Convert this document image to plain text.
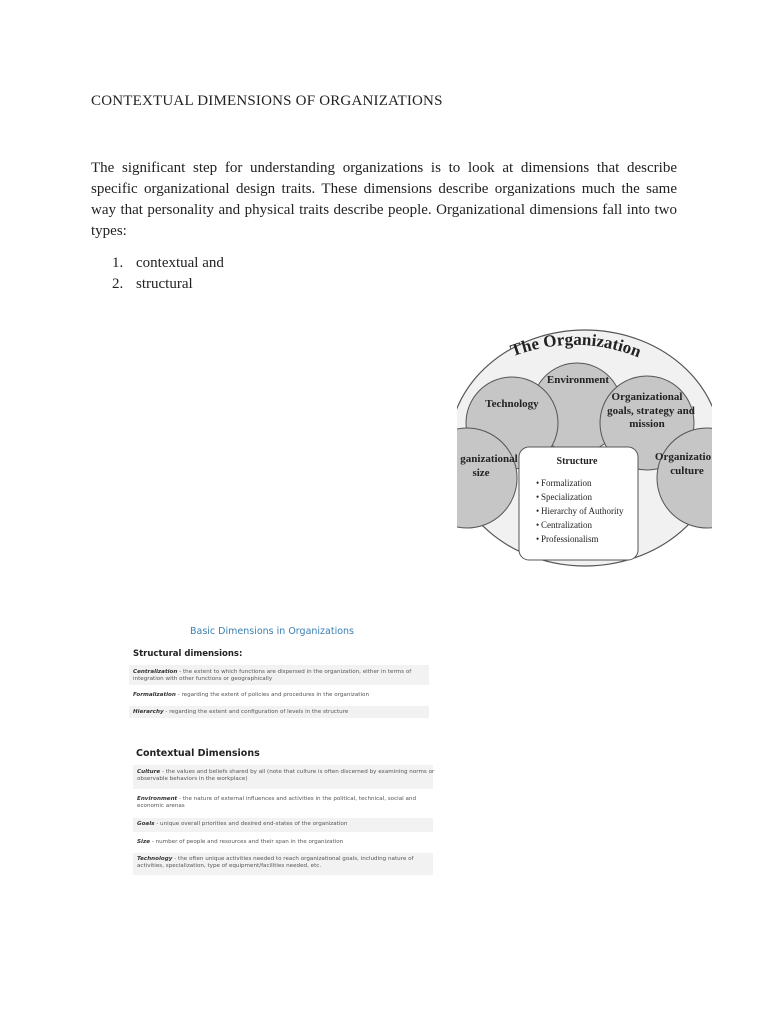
CONTEXTUAL DIMENSIONS OF ORGANIZATIONS

The significant step for understanding organizations is to look at dimensions that describe specific organizational design traits. These dimensions describe organizations much the same way that personality and physical traits describe people. Organizational dimensions fall into two types:

1. contextual and
2. structural
The Organization
Environment
Technology
Organizational
goals, strategy and
mission
ganizational
size
Organizatio
culture
Structure
• Formalization
• Specialization
• Hierarchy of Authority
• Centralization
• Professionalism
Basic Dimensions in Organizations
Structural dimensions:
Centralization - the extent to which functions are dispersed in the organization, either in terms of integration with other functions or geographically
Formalization - regarding the extent of policies and procedures in the organization
Hierarchy - regarding the extent and configuration of levels in the structure
Contextual Dimensions
Culture - the values and beliefs shared by all (note that culture is often discerned by examining norms or observable behaviors in the workplace)
Environment - the nature of external influences and activities in the political, technical, social and economic arenas
Goals - unique overall priorities and desired end-states of the organization
Size - number of people and resources and their span in the organization
Technology - the often unique activities needed to reach organizational goals, including nature of activities, specialization, type of equipment/facilities needed, etc.
